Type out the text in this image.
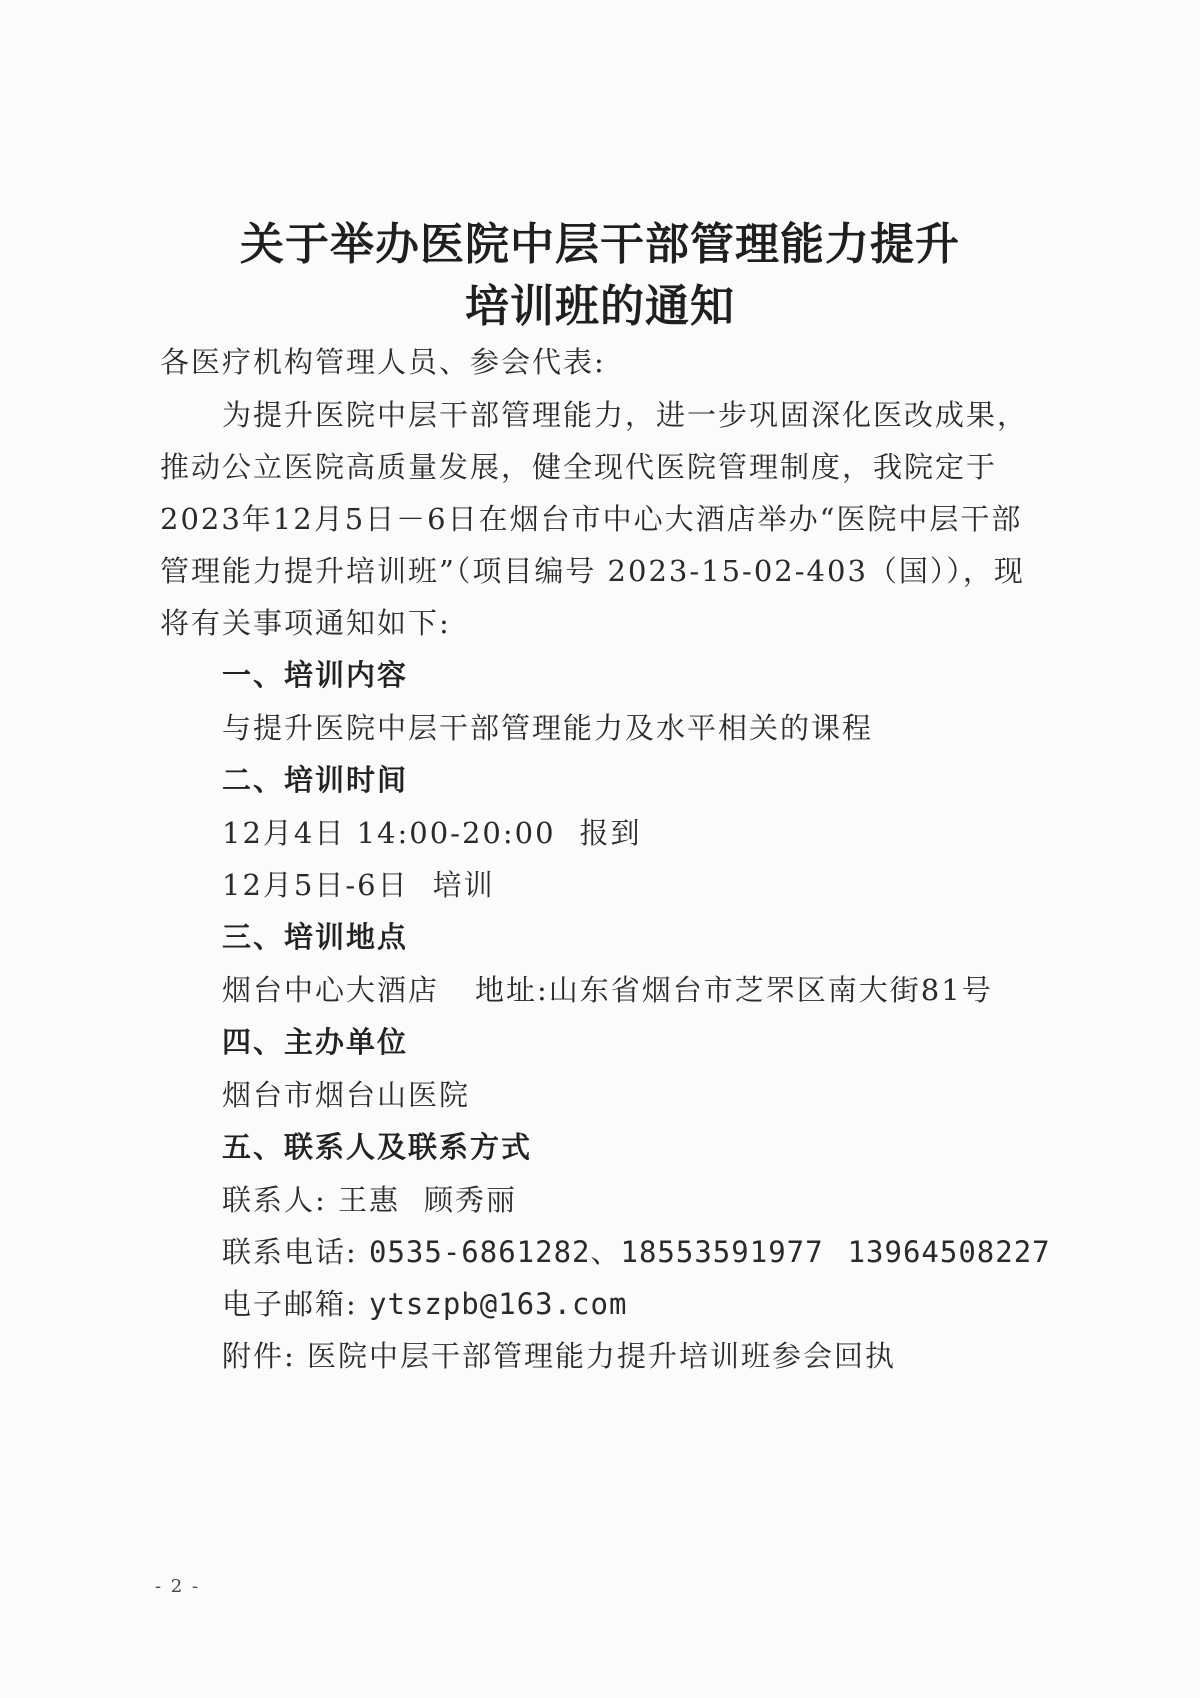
关于举办医院中层干部管理能力提升
培训班的通知
各医疗机构管理人员、参会代表:
为提升医院中层干部管理能力，进一步巩固深化医改成果，
推动公立医院高质量发展，健全现代医院管理制度，我院定于
2023年12月5日－6日在烟台市中心大酒店举办“医院中层干部
管理能力提升培训班”（项目编号 2023-15-02-403（国）），现
将有关事项通知如下:
一、培训内容
与提升医院中层干部管理能力及水平相关的课程
二、培训时间
12月4日 14:00-20:00 报到
12月5日-6日 培训
三、培训地点
烟台中心大酒店 地址:山东省烟台市芝罘区南大街81号
四、主办单位
烟台市烟台山医院
五、联系人及联系方式
联系人: 王惠 顾秀丽
联系电话: 0535-6861282、18553591977 13964508227
电子邮箱: ytszpb@163.com
附件: 医院中层干部管理能力提升培训班参会回执
- 2 -
